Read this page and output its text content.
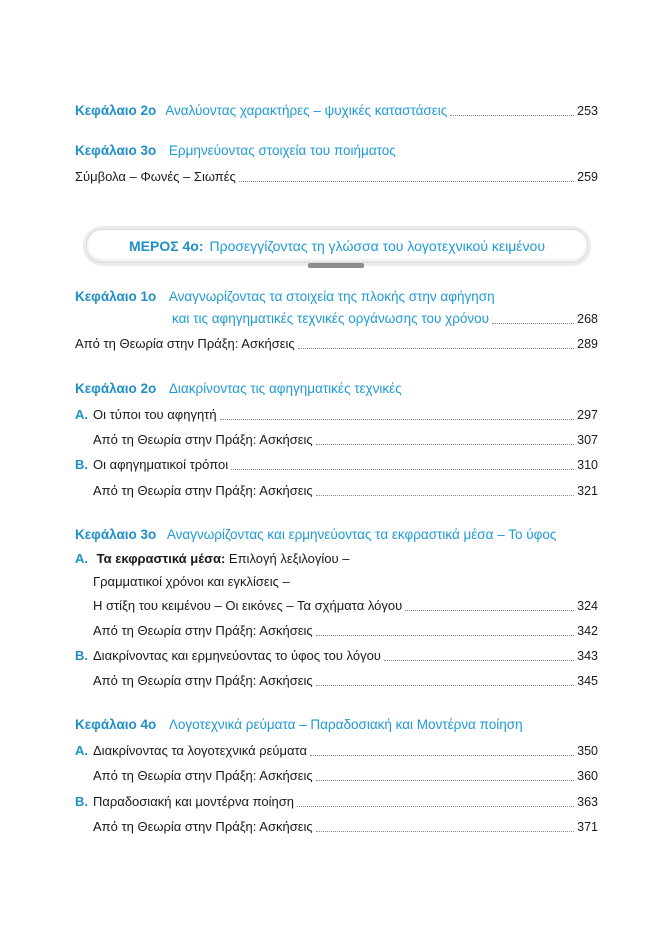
Κεφάλαιο 2ο Αναλύοντας χαρακτήρες – ψυχικές καταστάσεις	253
Κεφάλαιο 3ο Ερμηνεύοντας στοιχεία του ποιήματος
Σύμβολα – Φωνές – Σιωπές	259
ΜΕΡΟΣ 4ο: Προσεγγίζοντας τη γλώσσα του λογοτεχνικού κειμένου
Κεφάλαιο 1ο Αναγνωρίζοντας τα στοιχεία της πλοκής στην αφήγηση
και τις αφηγηματικές τεχνικές οργάνωσης του χρόνου	268
Από τη Θεωρία στην Πράξη: Ασκήσεις	289
Κεφάλαιο 2ο Διακρίνοντας τις αφηγηματικές τεχνικές
Α. Οι τύποι του αφηγητή	297
Από τη Θεωρία στην Πράξη: Ασκήσεις	307
Β. Οι αφηγηματικοί τρόποι	310
Από τη Θεωρία στην Πράξη: Ασκήσεις	321
Κεφάλαιο 3ο Αναγνωρίζοντας και ερμηνεύοντας τα εκφραστικά μέσα – Το ύφος
Α. Τα εκφραστικά μέσα: Επιλογή λεξιλογίου –
Γραμματικοί χρόνοι και εγκλίσεις –
Η στίξη του κειμένου – Οι εικόνες – Τα σχήματα λόγου	324
Από τη Θεωρία στην Πράξη: Ασκήσεις	342
Β. Διακρίνοντας και ερμηνεύοντας το ύφος του λόγου	343
Από τη Θεωρία στην Πράξη: Ασκήσεις	345
Κεφάλαιο 4ο Λογοτεχνικά ρεύματα – Παραδοσιακή και Μοντέρνα ποίηση
Α. Διακρίνοντας τα λογοτεχνικά ρεύματα	350
Από τη Θεωρία στην Πράξη: Ασκήσεις	360
Β. Παραδοσιακή και μοντέρνα ποίηση	363
Από τη Θεωρία στην Πράξη: Ασκήσεις	371
